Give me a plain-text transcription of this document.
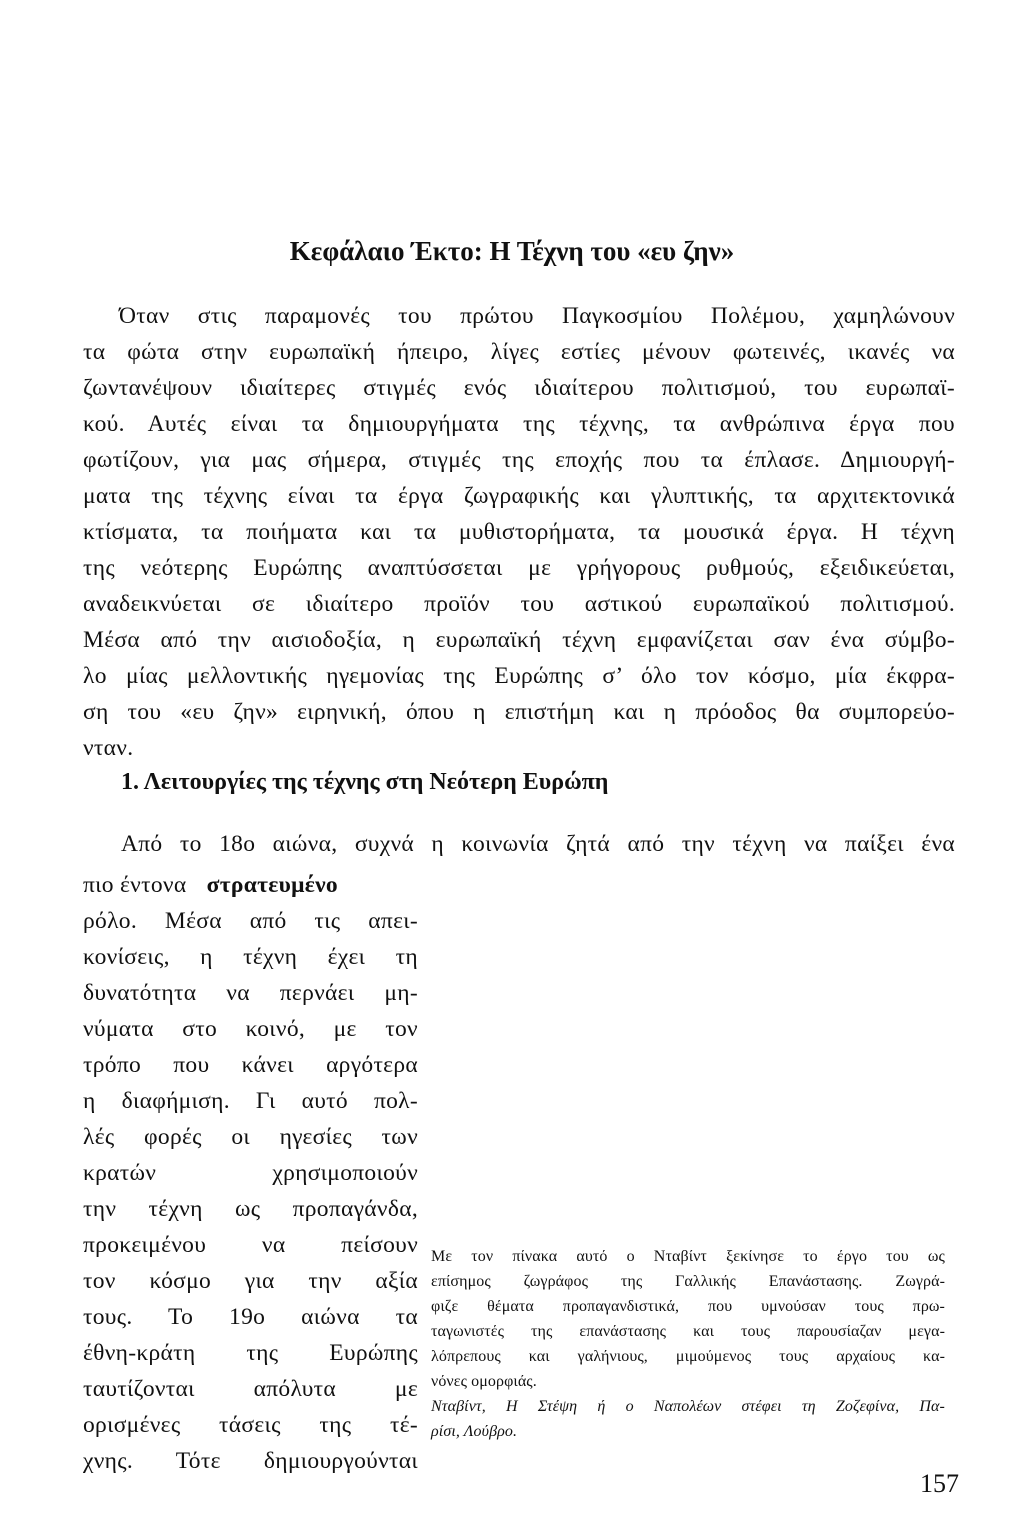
Κεφάλαιο Έκτο: Η Τέχνη του «ευ ζην»
Όταν στις παραμονές του πρώτου Παγκοσμίου Πολέμου, χαμηλώνουν
τα φώτα στην ευρωπαϊκή ήπειρο, λίγες εστίες μένουν φωτεινές, ικανές να
ζωντανέψουν ιδιαίτερες στιγμές ενός ιδιαίτερου πολιτισμού, του ευρωπαϊ-
κού. Αυτές είναι τα δημιουργήματα της τέχνης, τα ανθρώπινα έργα που
φωτίζουν, για μας σήμερα, στιγμές της εποχής που τα έπλασε. Δημιουργή-
ματα της τέχνης είναι τα έργα ζωγραφικής και γλυπτικής, τα αρχιτεκτονικά
κτίσματα, τα ποιήματα και τα μυθιστορήματα, τα μουσικά έργα. Η τέχνη
της νεότερης Ευρώπης αναπτύσσεται με γρήγορους ρυθμούς, εξειδικεύεται,
αναδεικνύεται σε ιδιαίτερο προϊόν του αστικού ευρωπαϊκού πολιτισμού.
Μέσα από την αισιοδοξία, η ευρωπαϊκή τέχνη εμφανίζεται σαν ένα σύμβο-
λο μίας μελλοντικής ηγεμονίας της Ευρώπης σ’ όλο τον κόσμο, μία έκφρα-
ση του «ευ ζην» ειρηνική, όπου η επιστήμη και η πρόοδος θα συμπορεύο-
νταν.
1. Λειτουργίες της τέχνης στη Νεότερη Ευρώπη
Από το 18ο αιώνα, συχνά η κοινωνία ζητά από την τέχνη να παίξει ένα
πιο έντονα στρατευμένο
ρόλο. Μέσα από τις απει-
κονίσεις, η τέχνη έχει τη
δυνατότητα να περνάει μη-
νύματα στο κοινό, με τον
τρόπο που κάνει αργότερα
η διαφήμιση. Γι αυτό πολ-
λές φορές οι ηγεσίες των
κρατών χρησιμοποιούν
την τέχνη ως προπαγάνδα,
προκειμένου να πείσουν
τον κόσμο για την αξία
τους. Το 19ο αιώνα τα
έθνη-κράτη της Ευρώπης
ταυτίζονται απόλυτα με
ορισμένες τάσεις της τέ-
χνης. Τότε δημιουργούνται
Με τον πίνακα αυτό ο Νταβίντ ξεκίνησε το έργο του ως
επίσημος ζωγράφος της Γαλλικής Επανάστασης. Ζωγρά-
φιζε θέματα προπαγανδιστικά, που υμνούσαν τους πρω-
ταγωνιστές της επανάστασης και τους παρουσίαζαν μεγα-
λόπρεπους και γαλήνιους, μιμούμενος τους αρχαίους κα-
νόνες ομορφιάς.
Νταβίντ, Η Στέψη ή ο Ναπολέων στέφει τη Ζοζεφίνα, Πα-
ρίσι, Λούβρο.
157
